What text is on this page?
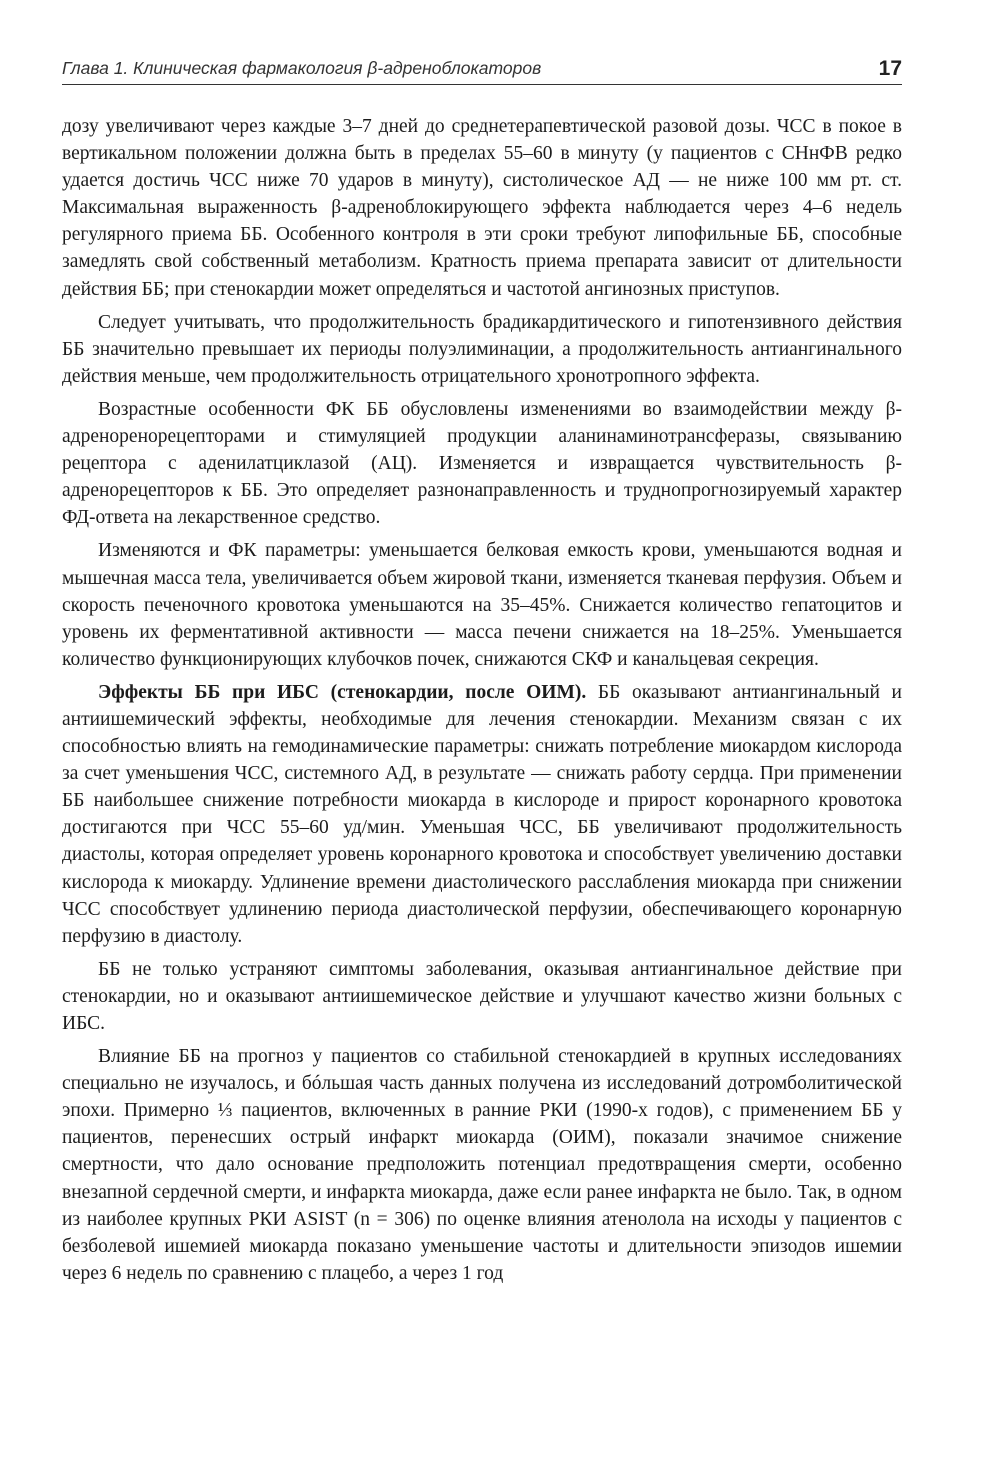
Глава 1. Клиническая фармакология β-адреноблокаторов	17

дозу увеличивают через каждые 3–7 дней до среднетерапевтической разовой дозы. ЧСС в покое в вертикальном положении должна быть в пределах 55–60 в минуту (у пациентов с СНнФВ редко удается достичь ЧСС ниже 70 ударов в минуту), систолическое АД — не ниже 100 мм рт. ст. Максимальная выраженность β-адреноблокирующего эффекта наблюдается через 4–6 недель регулярного приема ББ. Особенного контроля в эти сроки требуют липофильные ББ, способные замедлять свой собственный метаболизм. Кратность приема препарата зависит от длительности действия ББ; при стенокардии может определяться и частотой ангинозных приступов.

Следует учитывать, что продолжительность брадикардитического и гипотензивного действия ББ значительно превышает их периоды полуэлиминации, а продолжительность антиангинального действия меньше, чем продолжительность отрицательного хронотропного эффекта.

Возрастные особенности ФК ББ обусловлены изменениями во взаимодействии между β-адреноренорецепторами и стимуляцией продукции аланинаминотрансферазы, связыванию рецептора с аденилатциклазой (АЦ). Изменяется и извращается чувствительность β-адренорецепторов к ББ. Это определяет разнонаправленность и труднопрогнозируемый характер ФД-ответа на лекарственное средство.

Изменяются и ФК параметры: уменьшается белковая емкость крови, уменьшаются водная и мышечная масса тела, увеличивается объем жировой ткани, изменяется тканевая перфузия. Объем и скорость печеночного кровотока уменьшаются на 35–45%. Снижается количество гепатоцитов и уровень их ферментативной активности — масса печени снижается на 18–25%. Уменьшается количество функционирующих клубочков почек, снижаются СКФ и канальцевая секреция.

Эффекты ББ при ИБС (стенокардии, после ОИМ). ББ оказывают антиангинальный и антиишемический эффекты, необходимые для лечения стенокардии. Механизм связан с их способностью влиять на гемодинамические параметры: снижать потребление миокардом кислорода за счет уменьшения ЧСС, системного АД, в результате — снижать работу сердца. При применении ББ наибольшее снижение потребности миокарда в кислороде и прирост коронарного кровотока достигаются при ЧСС 55–60 уд/мин. Уменьшая ЧСС, ББ увеличивают продолжительность диастолы, которая определяет уровень коронарного кровотока и способствует увеличению доставки кислорода к миокарду. Удлинение времени диастолического расслабления миокарда при снижении ЧСС способствует удлинению периода диастолической перфузии, обеспечивающего коронарную перфузию в диастолу.

ББ не только устраняют симптомы заболевания, оказывая антиангинальное действие при стенокардии, но и оказывают антиишемическое действие и улучшают качество жизни больных с ИБС.

Влияние ББ на прогноз у пациентов со стабильной стенокардией в крупных исследованиях специально не изучалось, и бóльшая часть данных получена из исследований дотромболитической эпохи. Примерно ⅓ пациентов, включенных в ранние РКИ (1990-х годов), с применением ББ у пациентов, перенесших острый инфаркт миокарда (ОИМ), показали значимое снижение смертности, что дало основание предположить потенциал предотвращения смерти, особенно внезапной сердечной смерти, и инфаркта миокарда, даже если ранее инфаркта не было. Так, в одном из наиболее крупных РКИ ASIST (n = 306) по оценке влияния атенолола на исходы у пациентов с безболевой ишемией миокарда показано уменьшение частоты и длительности эпизодов ишемии через 6 недель по сравнению с плацебо, а через 1 год
